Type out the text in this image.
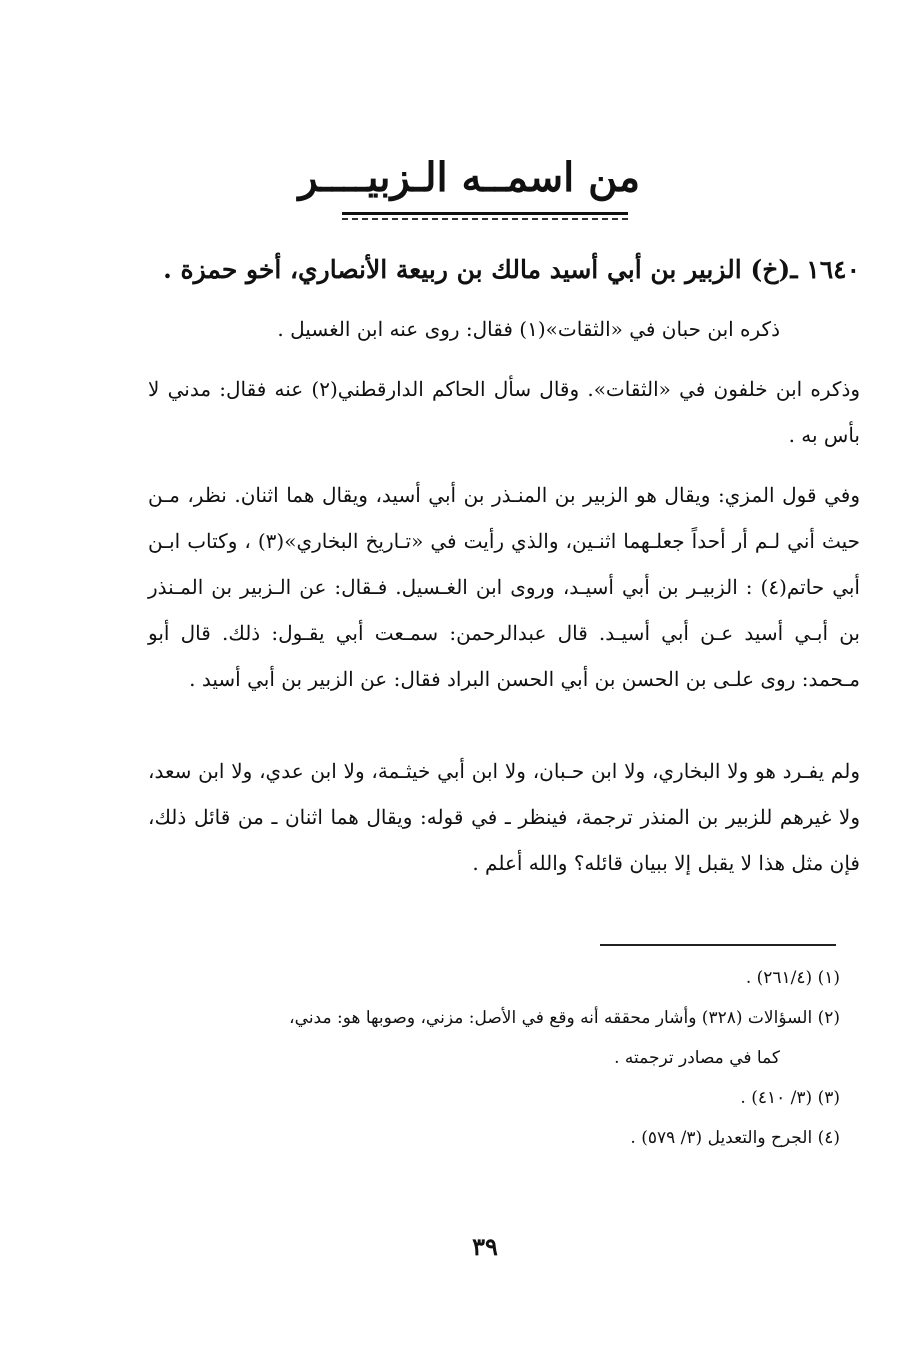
من اسمــه الـزبيــــر
١٦٤٠ ـ(خ) الزبير بن أبي أسيد مالك بن ربيعة الأنصاري، أخو حمزة .
ذكره ابن حبان في «الثقات»(١) فقال: روى عنه ابن الغسيل .
وذكره ابن خلفون في «الثقات». وقال سأل الحاكم الدارقطني(٢) عنه فقال: مدني لا بأس به .
وفي قول المزي: ويقال هو الزبير بن المنـذر بن أبي أسيد، ويقال هما اثنان. نظر، مـن حيث أني لـم أر أحداً جعلـهما اثنـين، والذي رأيت في «تـاريخ البخاري»(٣) ، وكتاب ابـن أبي حاتم(٤) : الزبيـر بن أبي أسيـد، وروى ابن الغـسيل. فـقال: عن الـزبير بن المـنذر بن أبـي أسيد عـن أبي أسيـد. قال عبدالرحمن: سمـعت أبي يقـول: ذلك. قال أبو مـحمد: روى علـى بن الحسن بن أبي الحسن البراد فقال: عن الزبير بن أبي أسيد .
ولم يفـرد هو ولا البخاري، ولا ابن حـبان، ولا ابن أبي خيثـمة، ولا ابن عدي، ولا ابن سعد، ولا غيرهم للزبير بن المنذر ترجمة، فينظر ـ في قوله: ويقال هما اثنان ـ من قائل ذلك، فإن مثل هذا لا يقبل إلا ببيان قائله؟ والله أعلم .
(١) (٢٦١/٤) .
(٢) السؤالات (٣٢٨) وأشار محققه أنه وقع في الأصل: مزني، وصوبها هو: مدني،
كما في مصادر ترجمته .
(٣) (٣/ ٤١٠) .
(٤) الجرح والتعديل (٣/ ٥٧٩) .
٣٩
